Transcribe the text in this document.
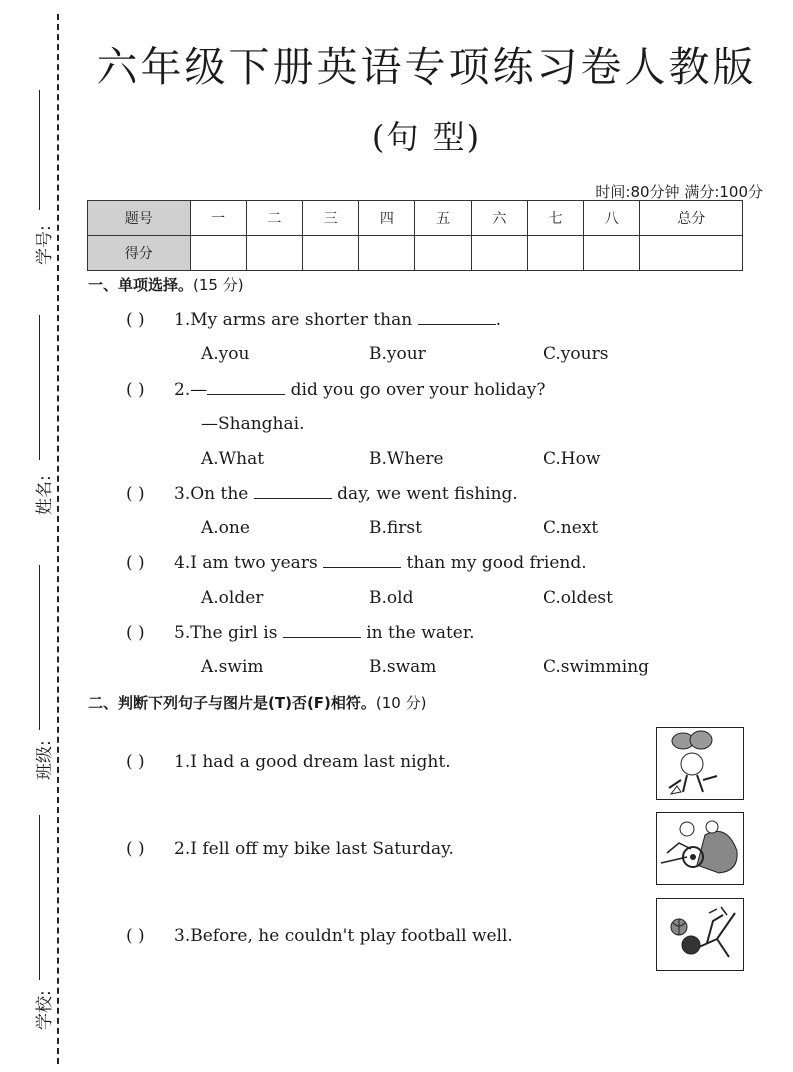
学号:
姓名:
班级:
学校:
六年级下册英语专项练习卷人教版
(句 型)
时间:80分钟 满分:100分
题号	一	二	三	四	五	六	七	八	总分
得分									
一、单项选择。(15 分)
( ) 1.My arms are shorter than	.
A.you	B.your	C.yours
( ) 2.—	did you go over your holiday?
—Shanghai.
A.What	B.Where	C.How
( ) 3.On the	day, we went fishing.
A.one	B.first	C.next
( ) 4.I am two years	than my good friend.
A.older	B.old	C.oldest
( ) 5.The girl is	in the water.
A.swim	B.swam	C.swimming
二、判断下列句子与图片是(T)否(F)相符。(10 分)
( ) 1.I had a good dream last night.
( ) 2.I fell off my bike last Saturday.
( ) 3.Before, he couldn't play football well.
